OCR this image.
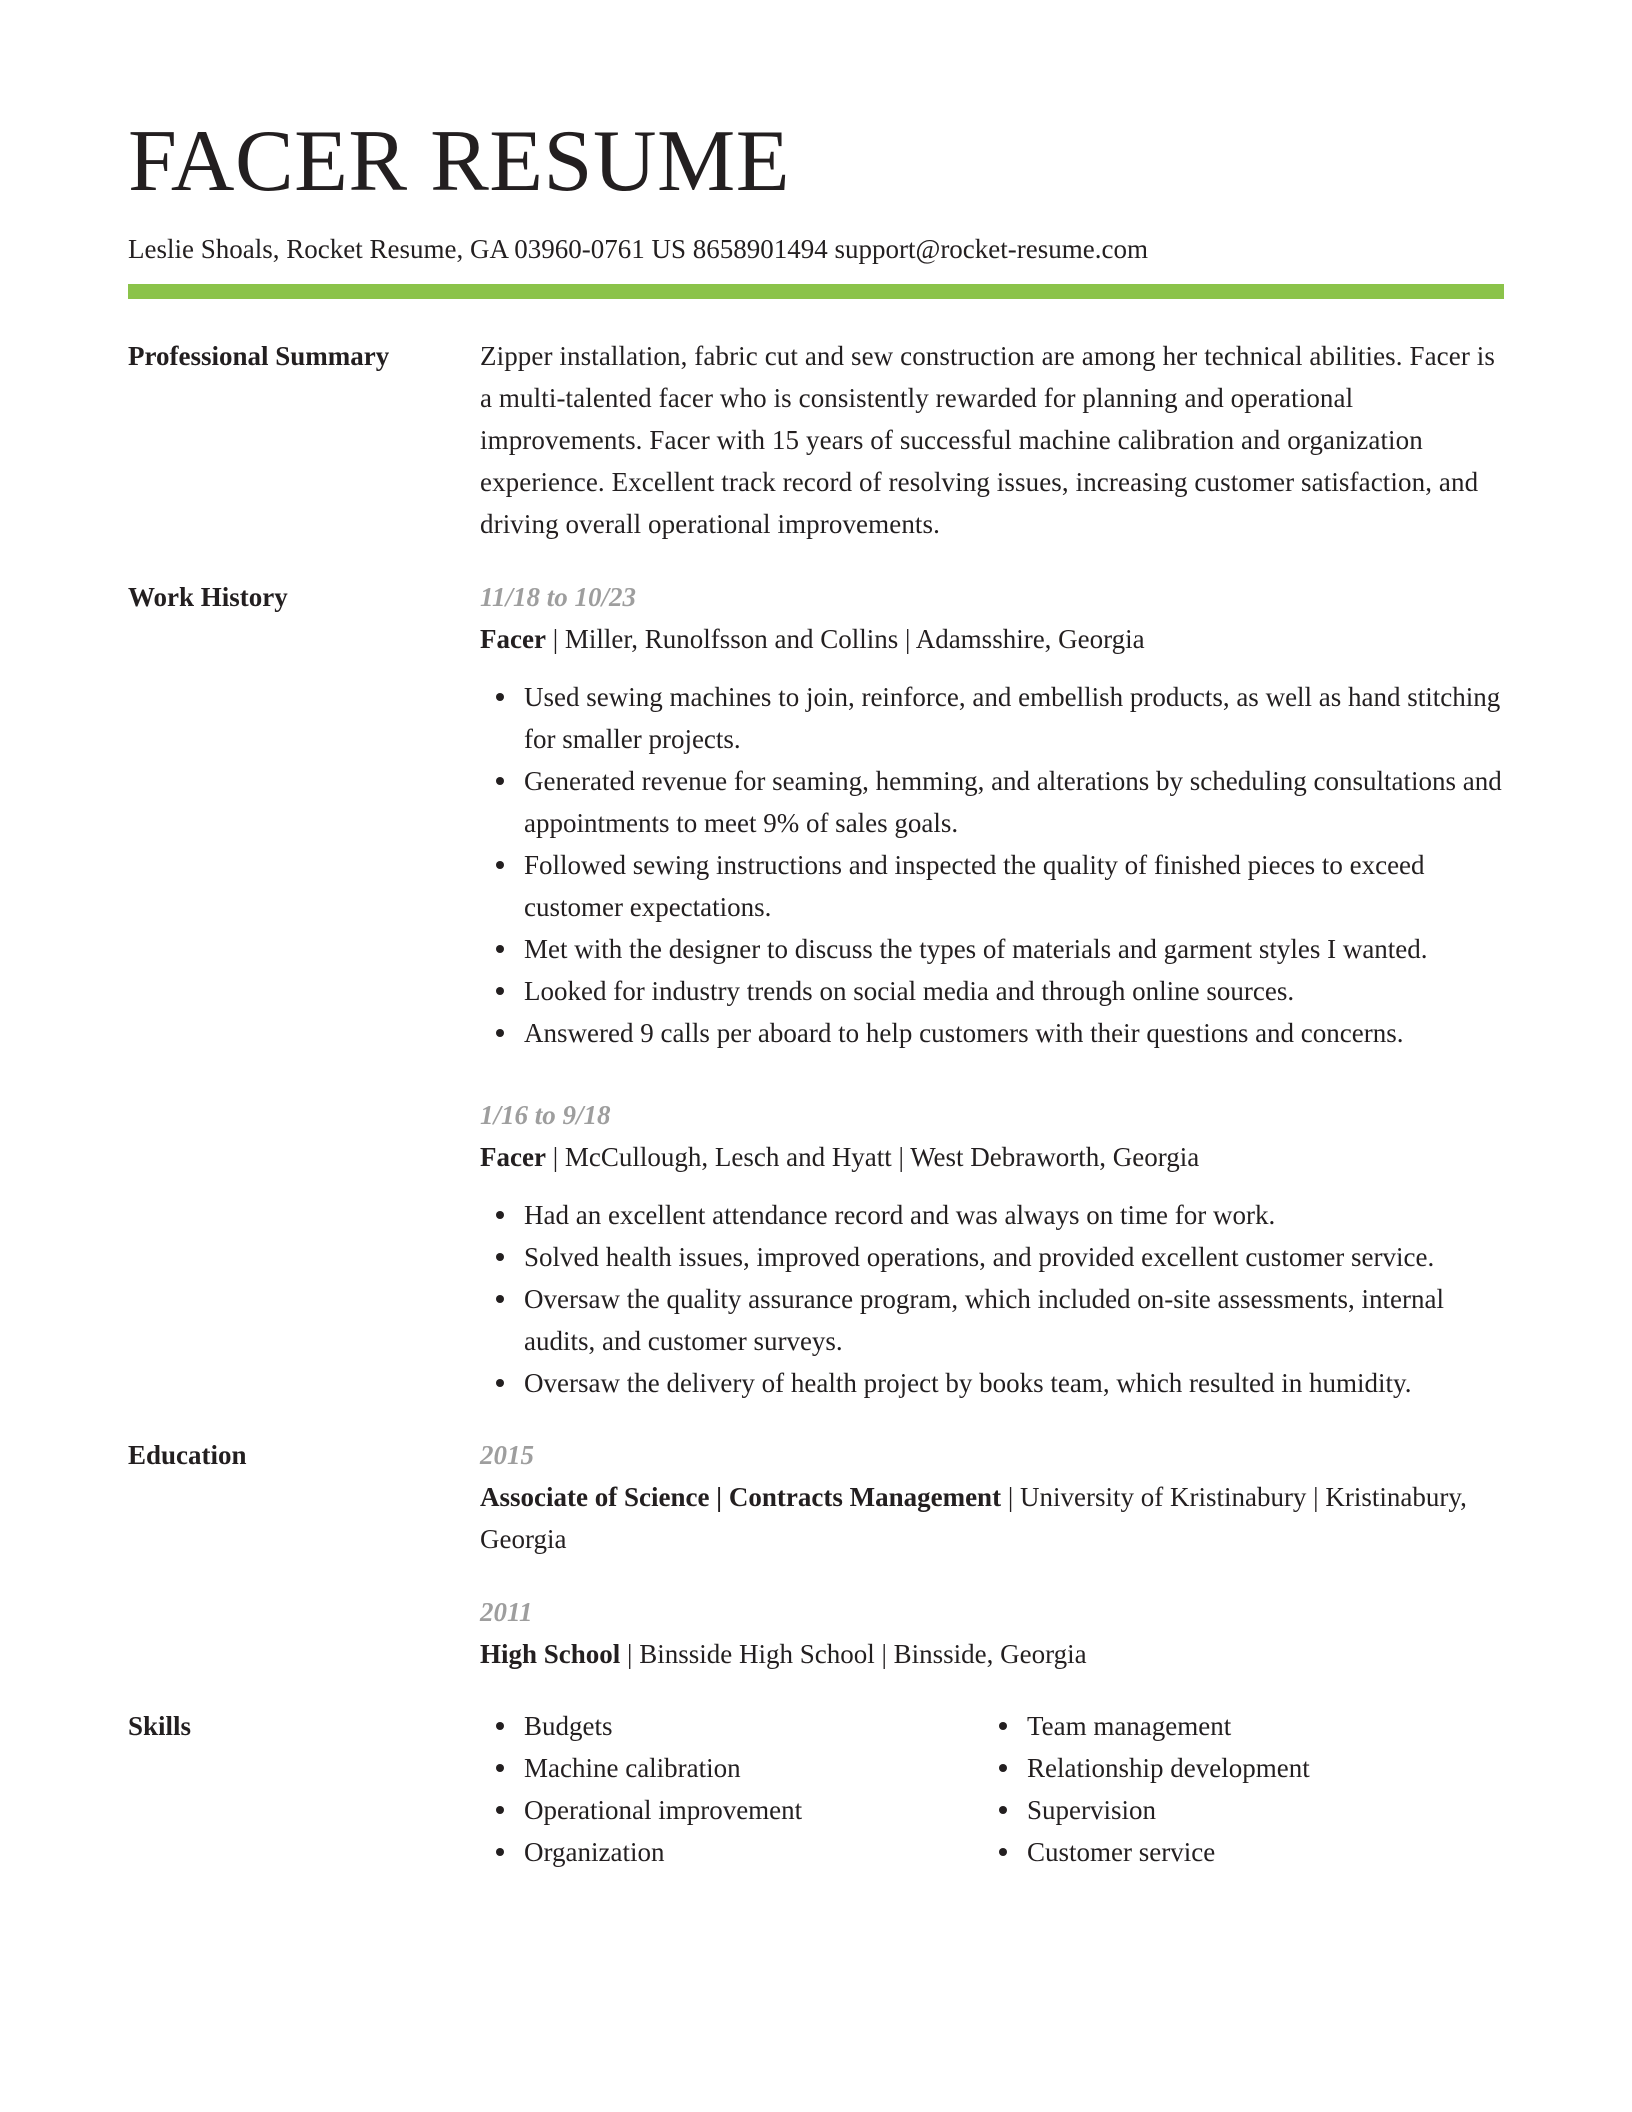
FACER RESUME
Leslie Shoals, Rocket Resume, GA 03960-0761 US 8658901494 support@rocket-resume.com
Professional Summary	Zipper installation, fabric cut and sew construction are among her technical abilities. Facer is a multi-talented facer who is consistently rewarded for planning and operational improvements. Facer with 15 years of successful machine calibration and organization experience. Excellent track record of resolving issues, increasing customer satisfaction, and driving overall operational improvements.

Work History	11/18 to 10/23
Facer | Miller, Runolfsson and Collins | Adamsshire, Georgia
Used sewing machines to join, reinforce, and embellish products, as well as hand stitching for smaller projects.
Generated revenue for seaming, hemming, and alterations by scheduling consultations and appointments to meet 9% of sales goals.
Followed sewing instructions and inspected the quality of finished pieces to exceed customer expectations.
Met with the designer to discuss the types of materials and garment styles I wanted.
Looked for industry trends on social media and through online sources.
Answered 9 calls per aboard to help customers with their questions and concerns.
1/16 to 9/18
Facer | McCullough, Lesch and Hyatt | West Debraworth, Georgia
Had an excellent attendance record and was always on time for work.
Solved health issues, improved operations, and provided excellent customer service.
Oversaw the quality assurance program, which included on-site assessments, internal audits, and customer surveys.
Oversaw the delivery of health project by books team, which resulted in humidity.
Education	2015
Associate of Science | Contracts Management | University of Kristinabury | Kristinabury, Georgia
2011
High School | Binsside High School | Binsside, Georgia
Skills	Budgets
Machine calibration
Operational improvement
Organization
Team management
Relationship development
Supervision
Customer service
